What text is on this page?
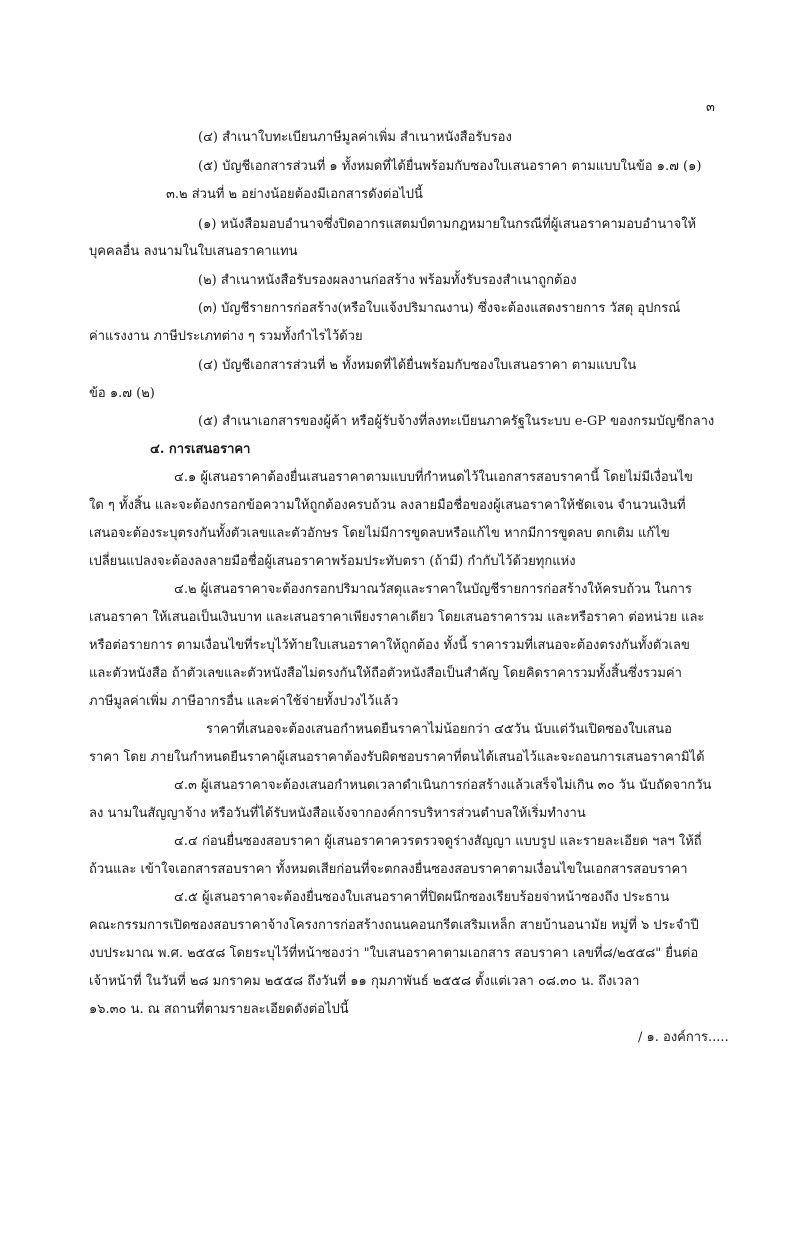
๓
(๔) สำเนาใบทะเบียนภาษีมูลค่าเพิ่ม สำเนาหนังสือรับรอง
(๕) บัญชีเอกสารส่วนที่ ๑ ทั้งหมดที่ได้ยื่นพร้อมกับซองใบเสนอราคา ตามแบบในข้อ ๑.๗ (๑)
๓.๒ ส่วนที่ ๒ อย่างน้อยต้องมีเอกสารดังต่อไปนี้
(๑) หนังสือมอบอำนาจซึ่งปิดอากรแสตมป์ตามกฎหมายในกรณีที่ผู้เสนอราคามอบอำนาจให้
บุคคลอื่น ลงนามในใบเสนอราคาแทน
(๒) สำเนาหนังสือรับรองผลงานก่อสร้าง พร้อมทั้งรับรองสำเนาถูกต้อง
(๓) บัญชีรายการก่อสร้าง(หรือใบแจ้งปริมาณงาน) ซึ่งจะต้องแสดงรายการ วัสดุ อุปกรณ์
ค่าแรงงาน ภาษีประเภทต่าง ๆ รวมทั้งกำไรไว้ด้วย
(๔) บัญชีเอกสารส่วนที่ ๒ ทั้งหมดที่ได้ยื่นพร้อมกับซองใบเสนอราคา ตามแบบใน
ข้อ ๑.๗ (๒)
(๕) สำเนาเอกสารของผู้ค้า หรือผู้รับจ้างที่ลงทะเบียนภาครัฐในระบบ e-GP ของกรมบัญชีกลาง
๔. การเสนอราคา
๔.๑ ผู้เสนอราคาต้องยื่นเสนอราคาตามแบบที่กำหนดไว้ในเอกสารสอบราคานี้ โดยไม่มีเงื่อนไข
ใด ๆ ทั้งสิ้น และจะต้องกรอกข้อความให้ถูกต้องครบถ้วน ลงลายมือชื่อของผู้เสนอราคาให้ชัดเจน จำนวนเงินที่
เสนอจะต้องระบุตรงกันทั้งตัวเลขและตัวอักษร โดยไม่มีการขูดลบหรือแก้ไข หากมีการขูดลบ ตกเติม แก้ไข
เปลี่ยนแปลงจะต้องลงลายมือชื่อผู้เสนอราคาพร้อมประทับตรา (ถ้ามี) กำกับไว้ด้วยทุกแห่ง
๔.๒ ผู้เสนอราคาจะต้องกรอกปริมาณวัสดุและราคาในบัญชีรายการก่อสร้างให้ครบถ้วน ในการ
เสนอราคา ให้เสนอเป็นเงินบาท และเสนอราคาเพียงราคาเดียว โดยเสนอราคารวม และหรือราคา ต่อหน่วย และ
หรือต่อรายการ ตามเงื่อนไขที่ระบุไว้ท้ายใบเสนอราคาให้ถูกต้อง ทั้งนี้ ราคารวมที่เสนอจะต้องตรงกันทั้งตัวเลข
และตัวหนังสือ ถ้าตัวเลขและตัวหนังสือไม่ตรงกันให้ถือตัวหนังสือเป็นสำคัญ โดยคิดราคารวมทั้งสิ้นซึ่งรวมค่า
ภาษีมูลค่าเพิ่ม ภาษีอากรอื่น และค่าใช้จ่ายทั้งปวงไว้แล้ว
ราคาที่เสนอจะต้องเสนอกำหนดยืนราคาไม่น้อยกว่า ๔๕วัน นับแต่วันเปิดซองใบเสนอ
ราคา โดย ภายในกำหนดยืนราคาผู้เสนอราคาต้องรับผิดชอบราคาที่ตนได้เสนอไว้และจะถอนการเสนอราคามิได้
๔.๓ ผู้เสนอราคาจะต้องเสนอกำหนดเวลาดำเนินการก่อสร้างแล้วเสร็จไม่เกิน ๓๐ วัน นับถัดจากวัน
ลง นามในสัญญาจ้าง หรือวันที่ได้รับหนังสือแจ้งจากองค์การบริหารส่วนตำบลให้เริ่มทำงาน
๔.๔ ก่อนยื่นซองสอบราคา ผู้เสนอราคาควรตรวจดูร่างสัญญา แบบรูป และรายละเอียด ฯลฯ ให้ถี่
ถ้วนและ เข้าใจเอกสารสอบราคา ทั้งหมดเสียก่อนที่จะตกลงยื่นซองสอบราคาตามเงื่อนไขในเอกสารสอบราคา
๔.๕ ผู้เสนอราคาจะต้องยื่นซองใบเสนอราคาที่ปิดผนึกซองเรียบร้อยจ่าหน้าซองถึง ประธาน
คณะกรรมการเปิดซองสอบราคาจ้างโครงการก่อสร้างถนนคอนกรีตเสริมเหล็ก สายบ้านอนามัย หมู่ที่ ๖ ประจำปี
งบประมาณ พ.ศ. ๒๕๕๘ โดยระบุไว้ที่หน้าซองว่า "ใบเสนอราคาตามเอกสาร สอบราคา เลขที่๘/๒๕๕๘" ยื่นต่อ
เจ้าหน้าที่ ในวันที่ ๒๘ มกราคม ๒๕๕๘ ถึงวันที่ ๑๑ กุมภาพันธ์ ๒๕๕๘ ตั้งแต่เวลา ๐๘.๓๐ น. ถึงเวลา
๑๖.๓๐ น. ณ สถานที่ตามรายละเอียดดังต่อไปนี้
/ ๑. องค์การ.....
